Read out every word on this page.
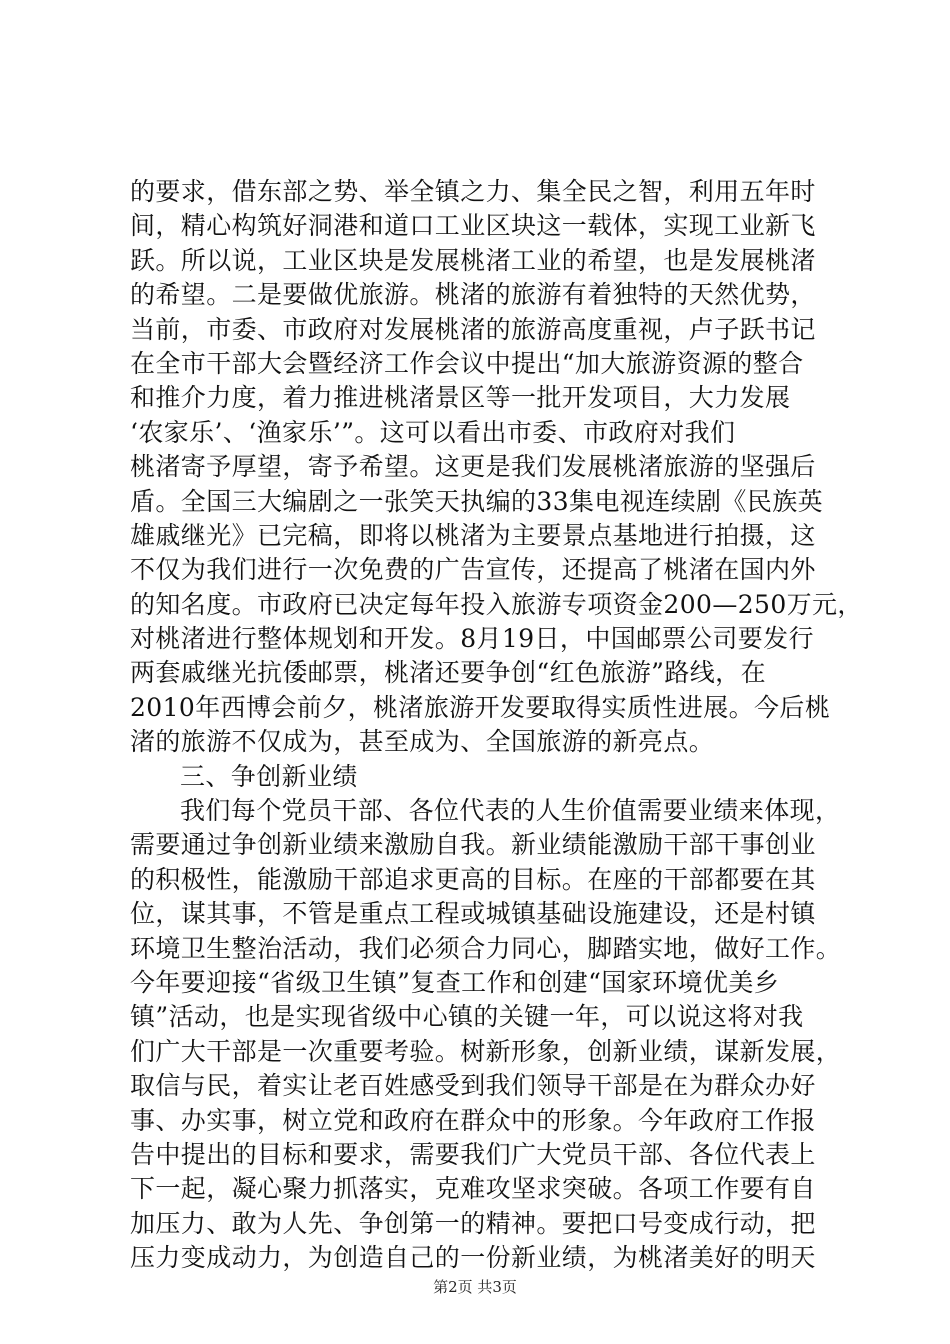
的要求，借东部之势、举全镇之力、集全民之智，利用五年时
间，精心构筑好洞港和道口工业区块这一载体，实现工业新飞
跃。所以说，工业区块是发展桃渚工业的希望，也是发展桃渚
的希望。二是要做优旅游。桃渚的旅游有着独特的天然优势，
当前，市委、市政府对发展桃渚的旅游高度重视，卢子跃书记
在全市干部大会暨经济工作会议中提出“加大旅游资源的整合
和推介力度，着力推进桃渚景区等一批开发项目，大力发展
‘农家乐’、‘渔家乐’”。这可以看出市委、市政府对我们
桃渚寄予厚望，寄予希望。这更是我们发展桃渚旅游的坚强后
盾。全国三大编剧之一张笑天执编的33集电视连续剧《民族英
雄戚继光》已完稿，即将以桃渚为主要景点基地进行拍摄，这
不仅为我们进行一次免费的广告宣传，还提高了桃渚在国内外
的知名度。市政府已决定每年投入旅游专项资金200—250万元，
对桃渚进行整体规划和开发。8月19日，中国邮票公司要发行
两套戚继光抗倭邮票，桃渚还要争创“红色旅游”路线，在
2010年西博会前夕，桃渚旅游开发要取得实质性进展。今后桃
渚的旅游不仅成为，甚至成为、全国旅游的新亮点。
三、争创新业绩
我们每个党员干部、各位代表的人生价值需要业绩来体现，
需要通过争创新业绩来激励自我。新业绩能激励干部干事创业
的积极性，能激励干部追求更高的目标。在座的干部都要在其
位，谋其事，不管是重点工程或城镇基础设施建设，还是村镇
环境卫生整治活动，我们必须合力同心，脚踏实地，做好工作。
今年要迎接“省级卫生镇”复查工作和创建“国家环境优美乡
镇”活动，也是实现省级中心镇的关键一年，可以说这将对我
们广大干部是一次重要考验。树新形象，创新业绩，谋新发展，
取信与民，着实让老百姓感受到我们领导干部是在为群众办好
事、办实事，树立党和政府在群众中的形象。今年政府工作报
告中提出的目标和要求，需要我们广大党员干部、各位代表上
下一起，凝心聚力抓落实，克难攻坚求突破。各项工作要有自
加压力、敢为人先、争创第一的精神。要把口号变成行动，把
压力变成动力，为创造自己的一份新业绩，为桃渚美好的明天
第2页 共3页
